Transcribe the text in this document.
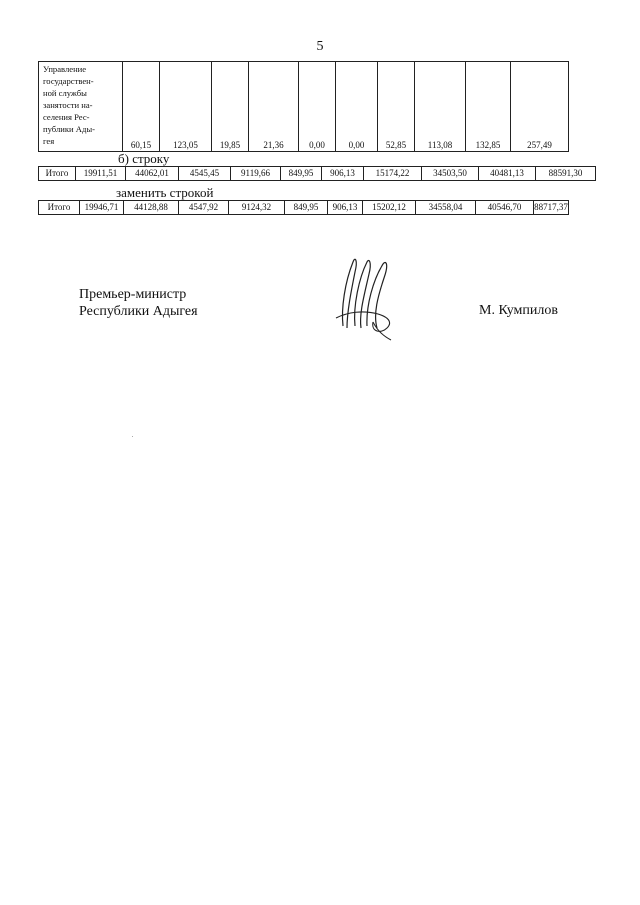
5
Управление
государствен-
ной службы
занятости на-
селения Рес-
публики Ады-
гея	60,15	123,05	19,85	21,36	0,00	0,00	52,85	113,08	132,85	257,49
б) строку
Итого	19911,51	44062,01	4545,45	9119,66	849,95	906,13	15174,22	34503,50	40481,13	88591,30
заменить строкой
Итого	19946,71	44128,88	4547,92	9124,32	849,95	906,13	15202,12	34558,04	40546,70	88717,37
Премьер-министр
Республики Адыгея	М. Кумпилов
